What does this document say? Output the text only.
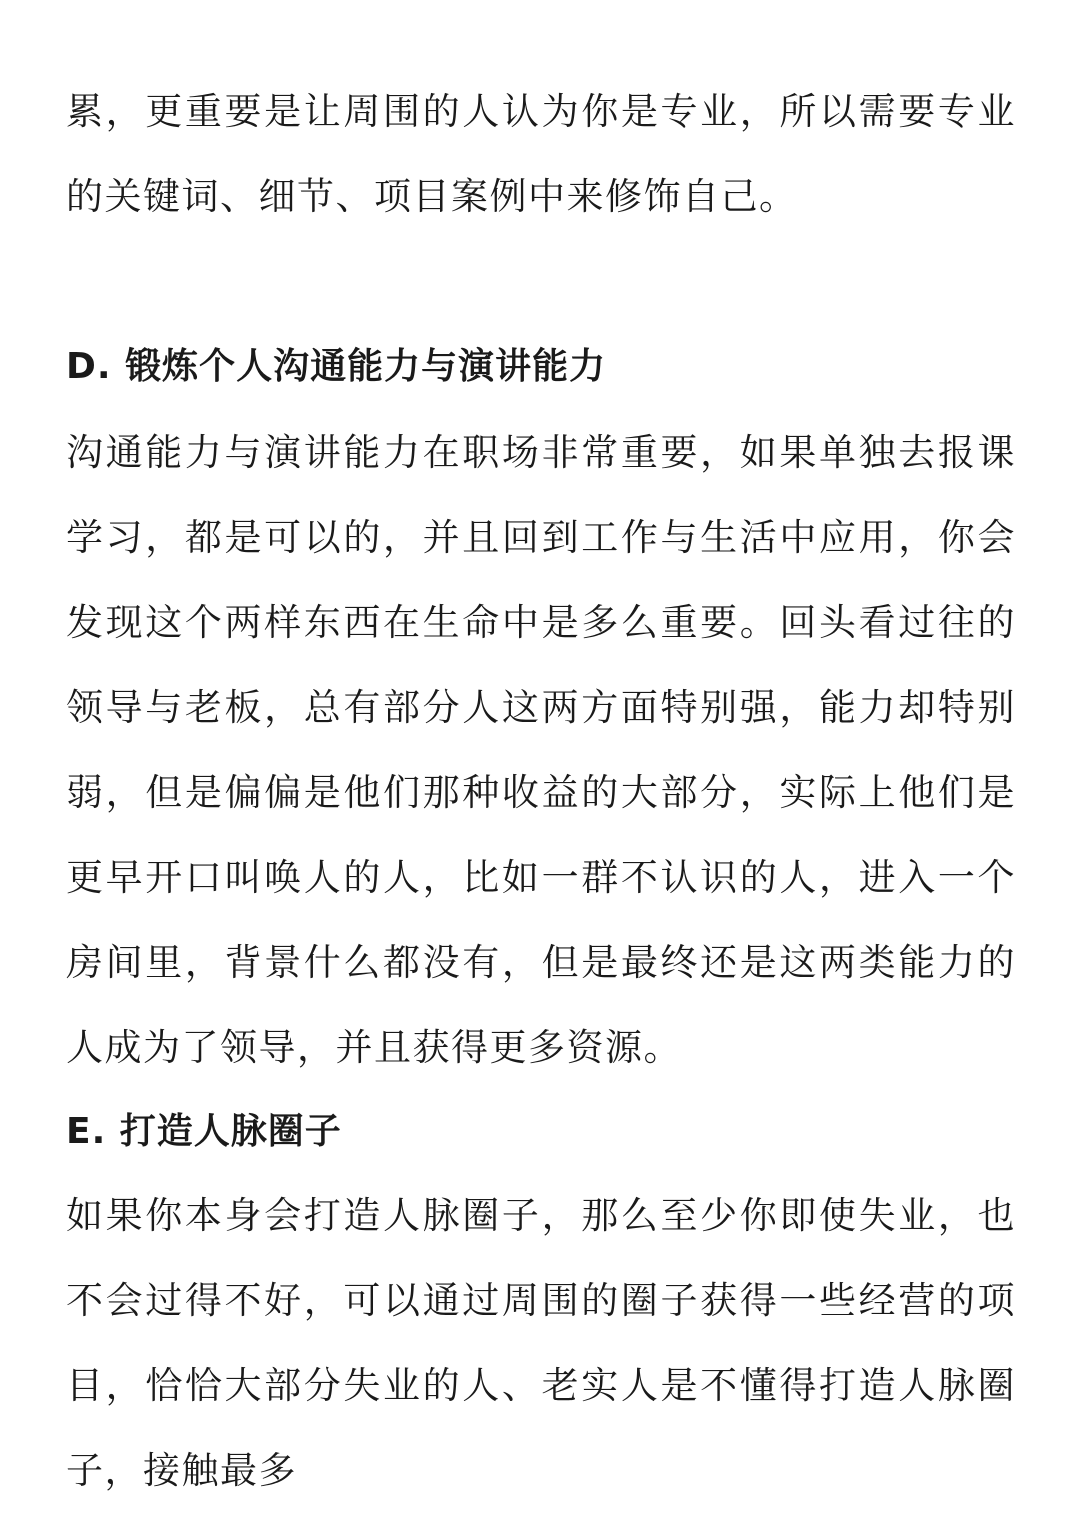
累，更重要是让周围的人认为你是专业，所以需要专业的关键词、细节、项目案例中来修饰自己。

D. 锻炼个人沟通能力与演讲能力

沟通能力与演讲能力在职场非常重要，如果单独去报课学习，都是可以的，并且回到工作与生活中应用，你会发现这个两样东西在生命中是多么重要。回头看过往的领导与老板，总有部分人这两方面特别强，能力却特别弱，但是偏偏是他们那种收益的大部分，实际上他们是更早开口叫唤人的人，比如一群不认识的人，进入一个房间里，背景什么都没有，但是最终还是这两类能力的人成为了领导，并且获得更多资源。

E. 打造人脉圈子

如果你本身会打造人脉圈子，那么至少你即使失业，也不会过得不好，可以通过周围的圈子获得一些经营的项目，恰恰大部分失业的人、老实人是不懂得打造人脉圈子，接触最多
